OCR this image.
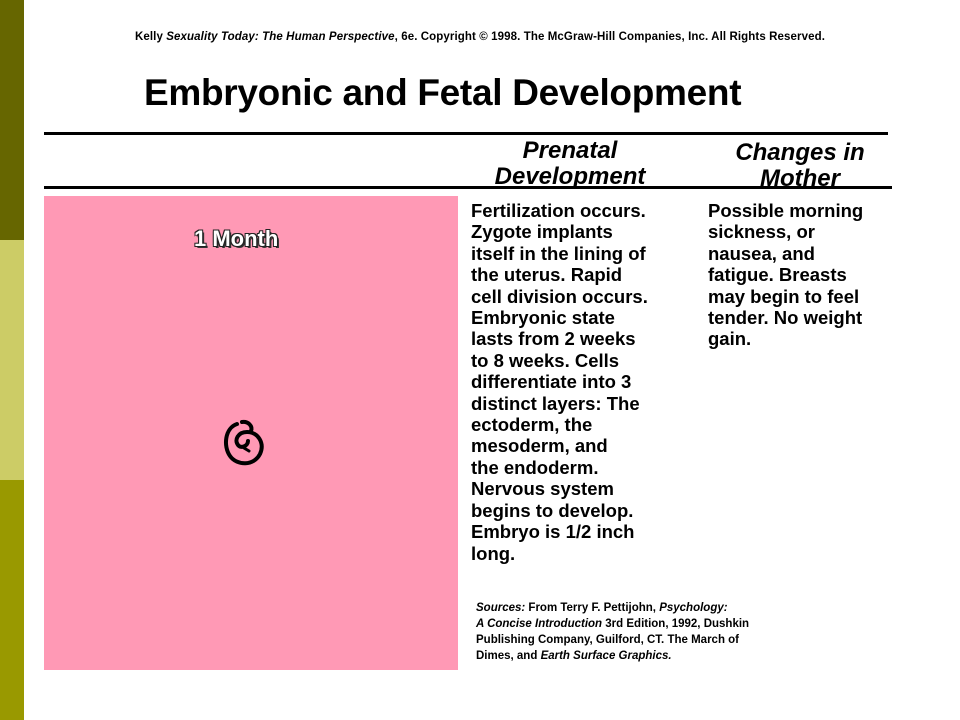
Kelly Sexuality Today: The Human Perspective, 6e. Copyright © 1998. The McGraw-Hill Companies, Inc. All Rights Reserved.
Embryonic and Fetal Development
Prenatal
Development
Changes in
Mother
1 Month
Fertilization occurs.
Zygote implants
itself in the lining of
the uterus. Rapid
cell division occurs.
Embryonic state
lasts from 2 weeks
to 8 weeks. Cells
differentiate into 3
distinct layers: The
ectoderm, the
mesoderm, and
the endoderm.
Nervous system
begins to develop.
Embryo is 1/2 inch
long.
Possible morning
sickness, or
nausea, and
fatigue. Breasts
may begin to feel
tender. No weight
gain.
Sources: From Terry F. Pettijohn, Psychology:
A Concise Introduction 3rd Edition, 1992, Dushkin
Publishing Company, Guilford, CT. The March of
Dimes, and Earth Surface Graphics.
